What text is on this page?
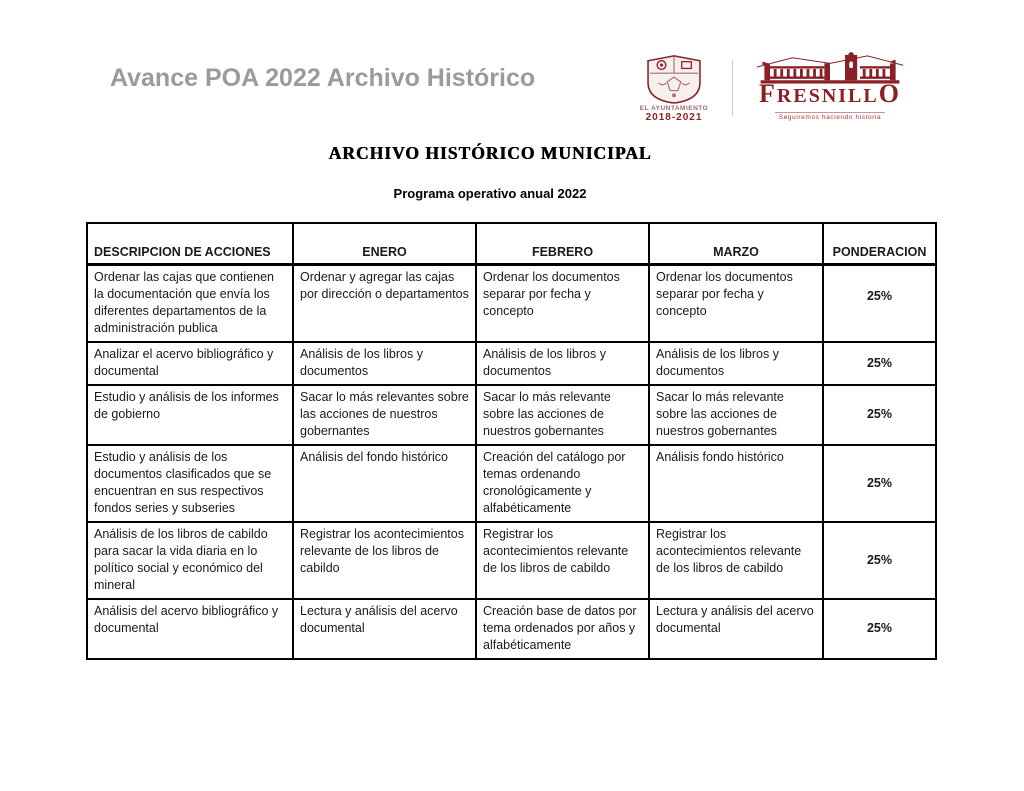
Avance POA 2022 Archivo Histórico
EL AYUNTAMIENTO
2018-2021
FRESNILLO
Seguiremos haciendo historia
ARCHIVO HISTÓRICO MUNICIPAL
Programa operativo anual 2022
DESCRIPCION DE ACCIONES	ENERO	FEBRERO	MARZO	PONDERACION
Ordenar las cajas que contienen la documentación que envía los diferentes departamentos de la administración publica	Ordenar y agregar las cajas por dirección o departamentos	Ordenar los documentos separar por fecha y concepto	Ordenar los documentos separar por fecha y concepto	25%
Analizar el acervo bibliográfico y documental	Análisis de los libros y documentos	Análisis de los libros y documentos	Análisis de los libros y documentos	25%
Estudio y análisis de los informes de gobierno	Sacar lo más relevantes sobre las acciones de nuestros gobernantes	Sacar lo más relevante sobre las acciones de nuestros gobernantes	Sacar lo más relevante sobre las acciones de nuestros gobernantes	25%
Estudio y análisis de los documentos clasificados que se encuentran en sus respectivos fondos series y subseries	Análisis del fondo histórico	Creación del catálogo por temas ordenando cronológicamente y alfabéticamente	Análisis fondo histórico	25%
Análisis de los libros de cabildo para sacar la vida diaria en lo político social y económico del mineral	Registrar los acontecimientos relevante de los libros de cabildo	Registrar los acontecimientos relevante de los libros de cabildo	Registrar los acontecimientos relevante de los libros de cabildo	25%
Análisis del acervo bibliográfico y documental	Lectura y análisis del acervo documental	Creación base de datos por tema ordenados por años y alfabéticamente	Lectura y análisis del acervo documental	25%
